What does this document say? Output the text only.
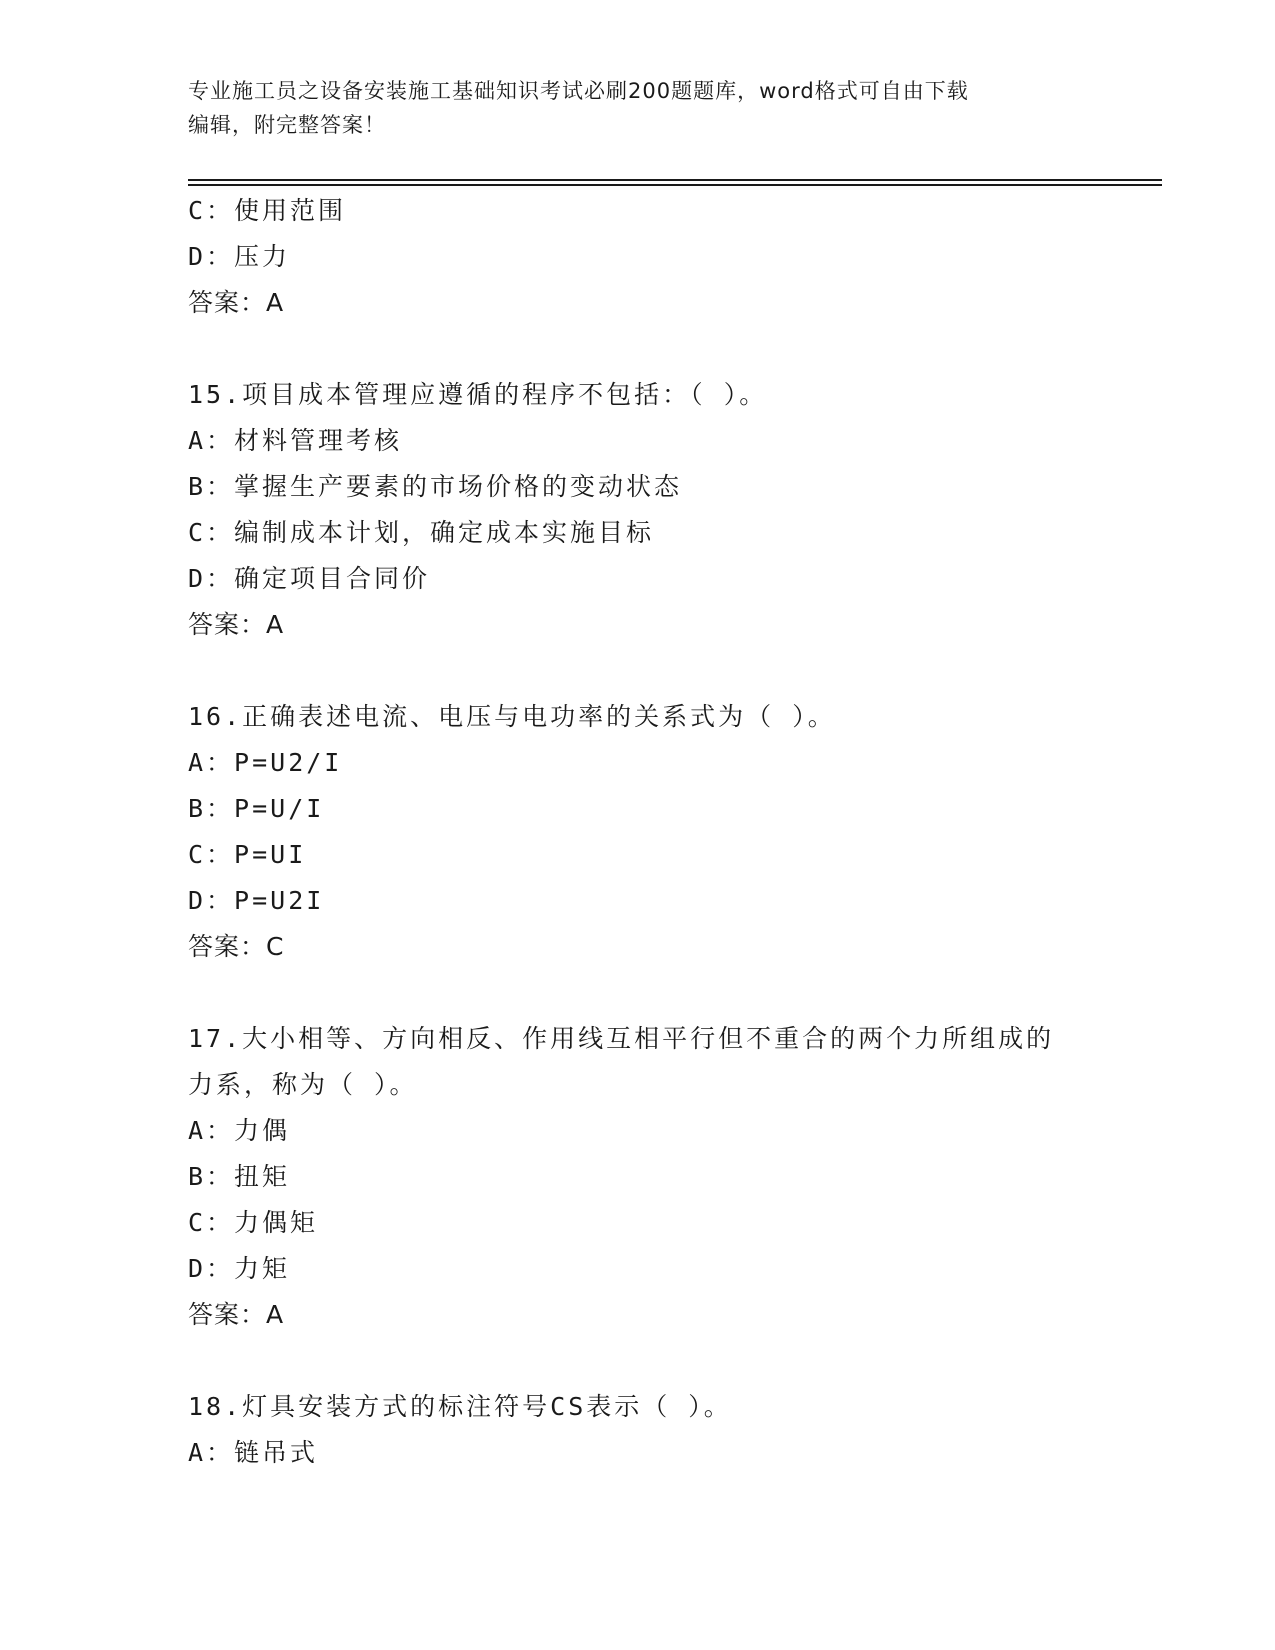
专业施工员之设备安装施工基础知识考试必刷200题题库，word格式可自由下载
编辑，附完整答案！
C：使用范围
D：压力
答案：A
15.项目成本管理应遵循的程序不包括：（ ）。
A：材料管理考核
B：掌握生产要素的市场价格的变动状态
C：编制成本计划，确定成本实施目标
D：确定项目合同价
答案：A
16.正确表述电流、电压与电功率的关系式为（ ）。
A：P=U2/I
B：P=U/I
C：P=UI
D：P=U2I
答案：C
17.大小相等、方向相反、作用线互相平行但不重合的两个力所组成的
力系，称为（ ）。
A：力偶
B：扭矩
C：力偶矩
D：力矩
答案：A
18.灯具安装方式的标注符号CS表示（ ）。
A：链吊式
